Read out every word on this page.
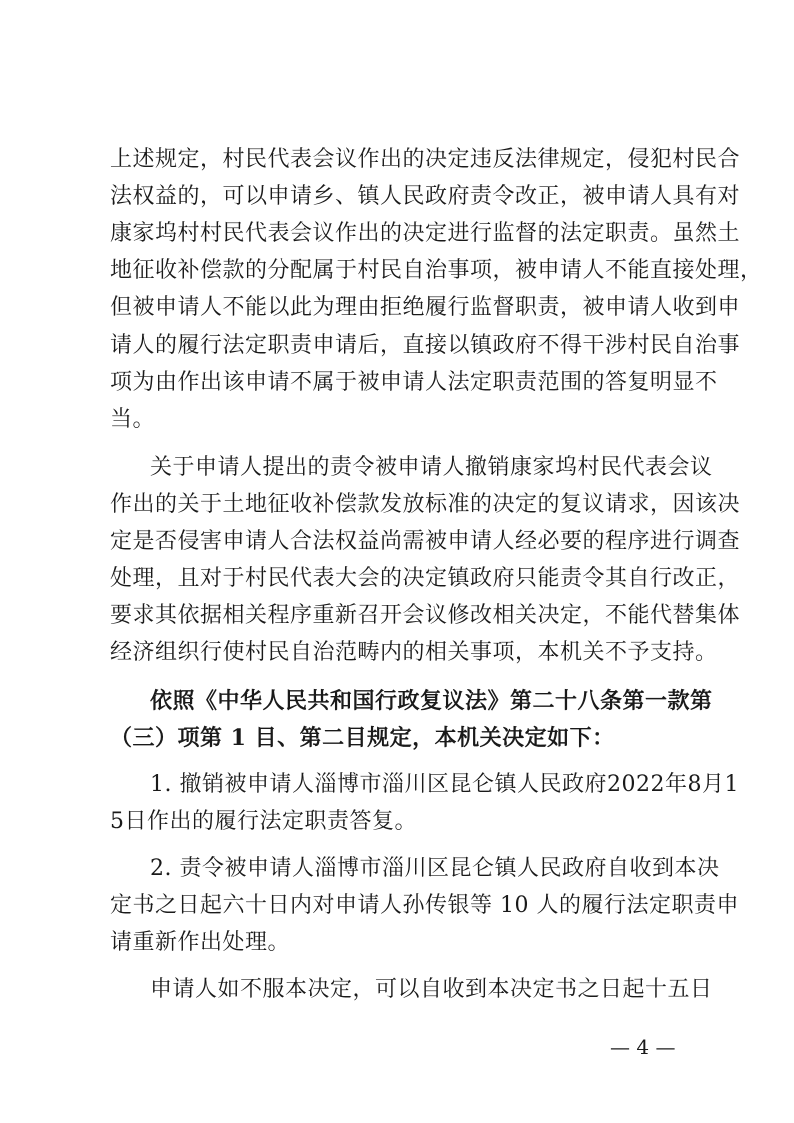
上述规定，村民代表会议作出的决定违反法律规定，侵犯村民合
法权益的，可以申请乡、镇人民政府责令改正，被申请人具有对
康家坞村村民代表会议作出的决定进行监督的法定职责。虽然土
地征收补偿款的分配属于村民自治事项，被申请人不能直接处理，
但被申请人不能以此为理由拒绝履行监督职责，被申请人收到申
请人的履行法定职责申请后，直接以镇政府不得干涉村民自治事
项为由作出该申请不属于被申请人法定职责范围的答复明显不
当。
关于申请人提出的责令被申请人撤销康家坞村民代表会议
作出的关于土地征收补偿款发放标准的决定的复议请求，因该决
定是否侵害申请人合法权益尚需被申请人经必要的程序进行调查
处理，且对于村民代表大会的决定镇政府只能责令其自行改正，
要求其依据相关程序重新召开会议修改相关决定，不能代替集体
经济组织行使村民自治范畴内的相关事项，本机关不予支持。
依照《中华人民共和国行政复议法》第二十八条第一款第
（三）项第 1 目、第二目规定，本机关决定如下：
1. 撤销被申请人淄博市淄川区昆仑镇人民政府2022年8月1
5日作出的履行法定职责答复。
2. 责令被申请人淄博市淄川区昆仑镇人民政府自收到本决
定书之日起六十日内对申请人孙传银等 10 人的履行法定职责申
请重新作出处理。
申请人如不服本决定，可以自收到本决定书之日起十五日
— 4 —
